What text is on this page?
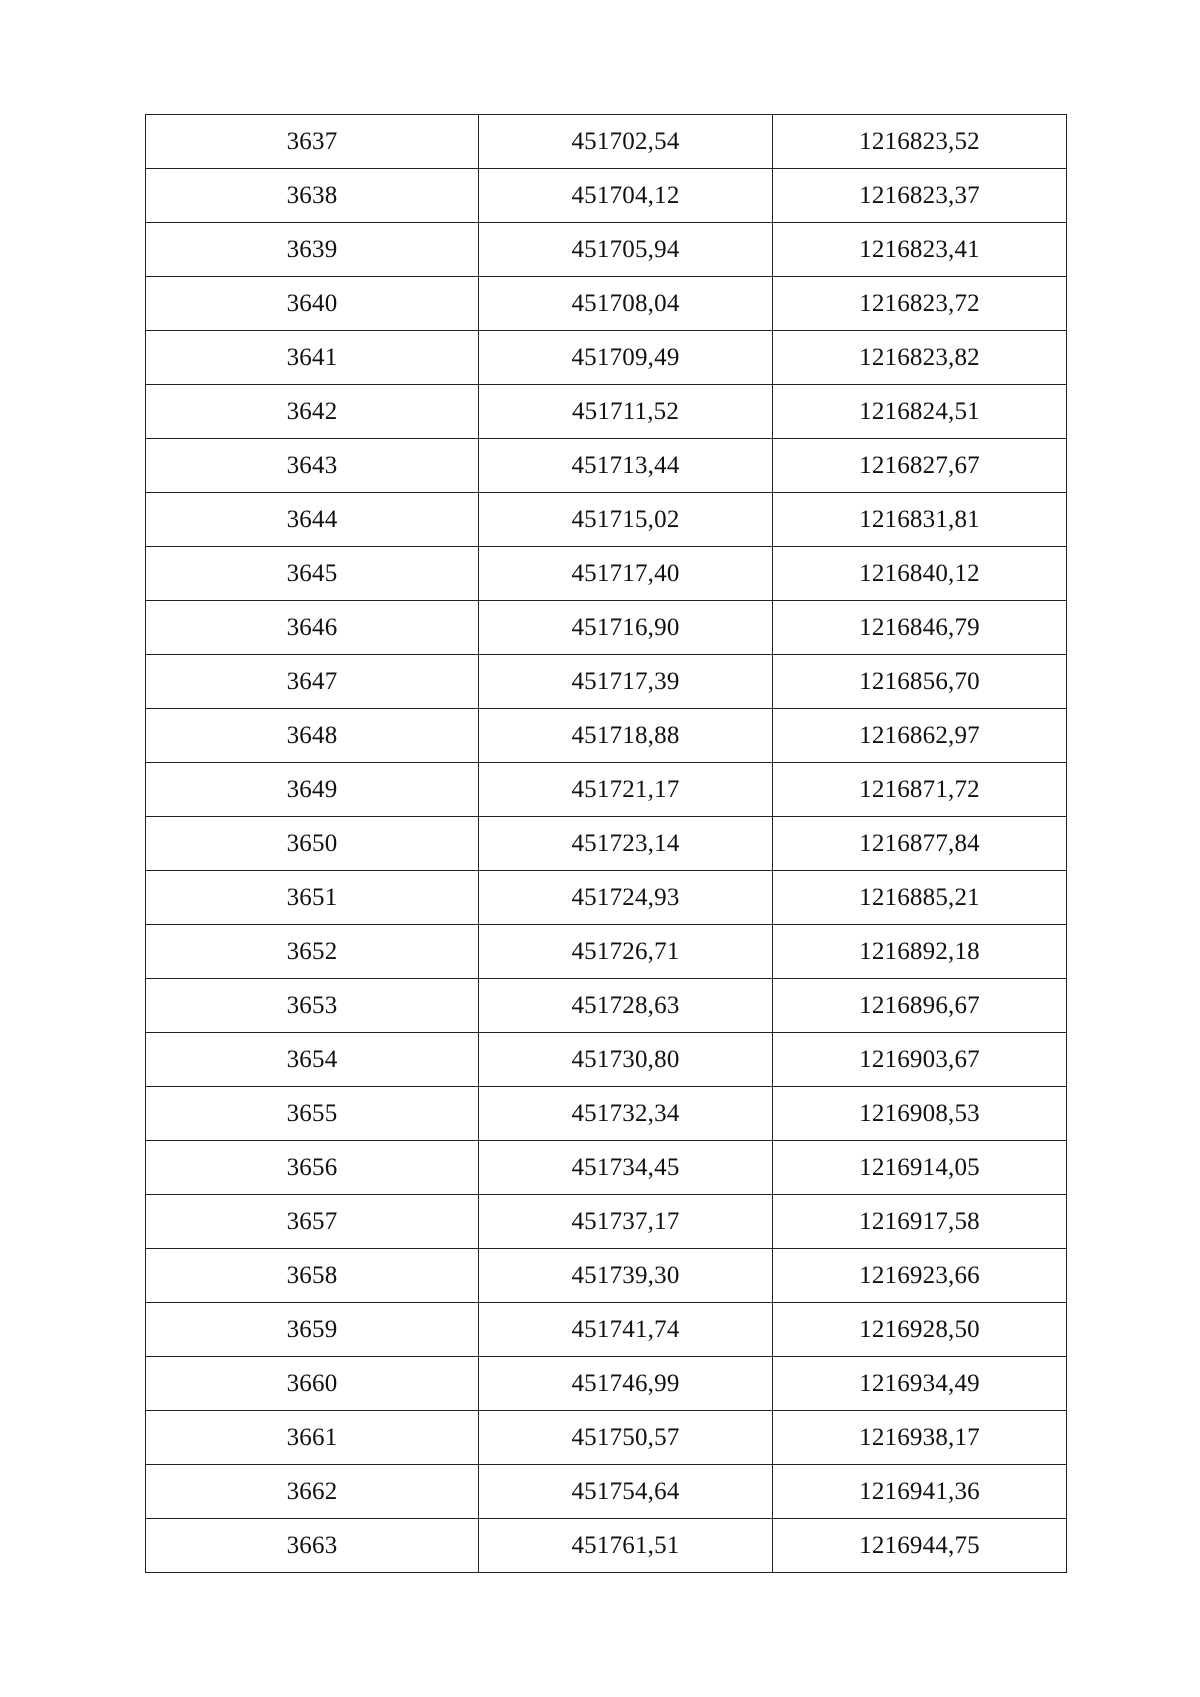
3637	451702,54	1216823,52
3638	451704,12	1216823,37
3639	451705,94	1216823,41
3640	451708,04	1216823,72
3641	451709,49	1216823,82
3642	451711,52	1216824,51
3643	451713,44	1216827,67
3644	451715,02	1216831,81
3645	451717,40	1216840,12
3646	451716,90	1216846,79
3647	451717,39	1216856,70
3648	451718,88	1216862,97
3649	451721,17	1216871,72
3650	451723,14	1216877,84
3651	451724,93	1216885,21
3652	451726,71	1216892,18
3653	451728,63	1216896,67
3654	451730,80	1216903,67
3655	451732,34	1216908,53
3656	451734,45	1216914,05
3657	451737,17	1216917,58
3658	451739,30	1216923,66
3659	451741,74	1216928,50
3660	451746,99	1216934,49
3661	451750,57	1216938,17
3662	451754,64	1216941,36
3663	451761,51	1216944,75
